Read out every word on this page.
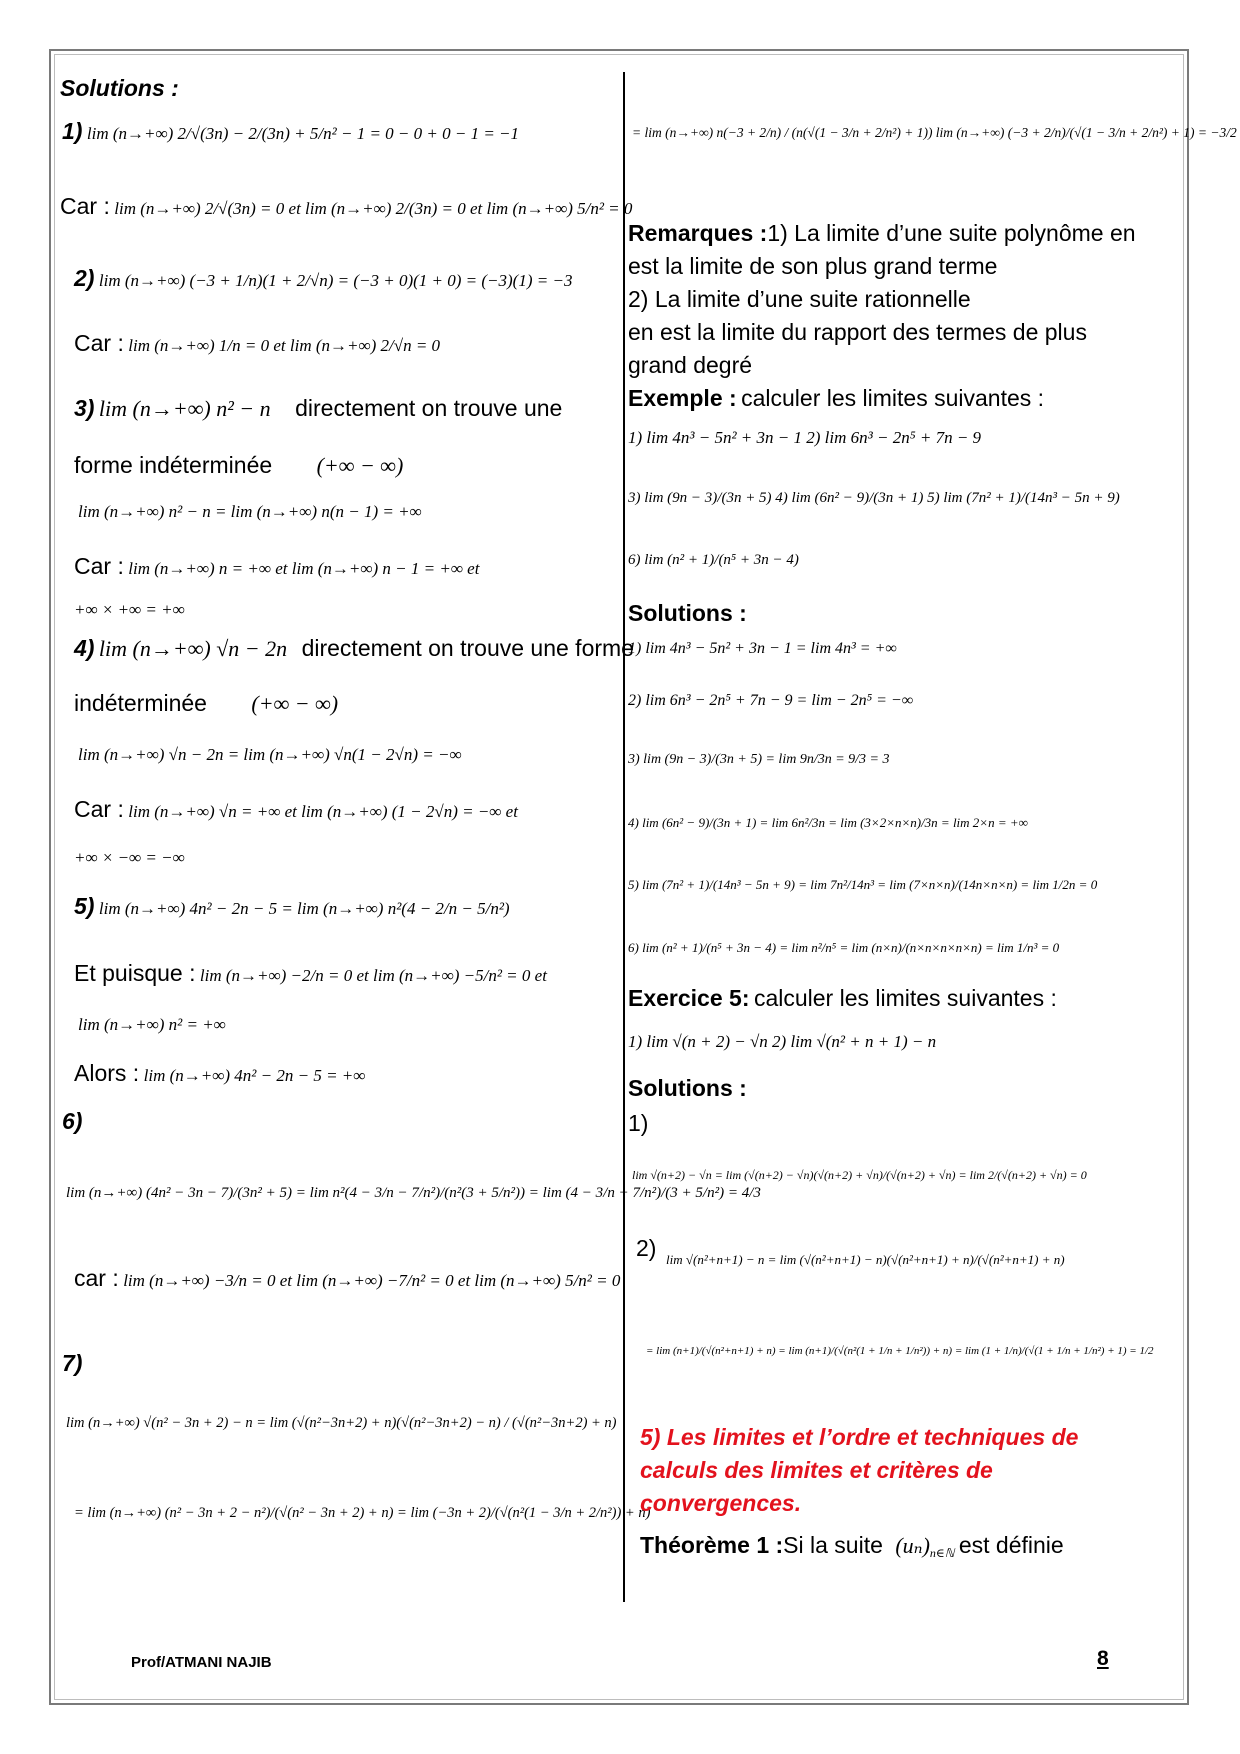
Solutions :
1) lim (n→+∞) 2/√(3n) − 2/(3n) + 5/n² − 1 = 0 − 0 + 0 − 1 = −1
Car : lim (n→+∞) 2/√(3n) = 0 et lim (n→+∞) 2/(3n) = 0 et lim (n→+∞) 5/n² = 0
2) lim (n→+∞) (−3 + 1/n)(1 + 2/√n) = (−3 + 0)(1 + 0) = (−3)(1) = −3
Car : lim (n→+∞) 1/n = 0 et lim (n→+∞) 2/√n = 0
3) lim (n→+∞) n² − n directement on trouve une
forme indéterminée (+∞ − ∞)
lim (n→+∞) n² − n = lim (n→+∞) n(n − 1) = +∞
Car : lim (n→+∞) n = +∞ et lim (n→+∞) n − 1 = +∞ et
+∞ × +∞ = +∞
4) lim (n→+∞) √n − 2n directement on trouve une forme
indéterminée (+∞ − ∞)
lim (n→+∞) √n − 2n = lim (n→+∞) √n(1 − 2√n) = −∞
Car : lim (n→+∞) √n = +∞ et lim (n→+∞) (1 − 2√n) = −∞ et
+∞ × −∞ = −∞
5) lim (n→+∞) 4n² − 2n − 5 = lim (n→+∞) n²(4 − 2/n − 5/n²)
Et puisque : lim (n→+∞) −2/n = 0 et lim (n→+∞) −5/n² = 0 et
lim (n→+∞) n² = +∞
Alors : lim (n→+∞) 4n² − 2n − 5 = +∞
6)
lim (n→+∞) (4n² − 3n − 7)/(3n² + 5) = lim n²(4 − 3/n − 7/n²)/(n²(3 + 5/n²)) = lim (4 − 3/n − 7/n²)/(3 + 5/n²) = 4/3
car : lim (n→+∞) −3/n = 0 et lim (n→+∞) −7/n² = 0 et lim (n→+∞) 5/n² = 0
7)
lim (n→+∞) √(n² − 3n + 2) − n = lim (√(n²−3n+2) + n)(√(n²−3n+2) − n) / (√(n²−3n+2) + n)
= lim (n→+∞) (n² − 3n + 2 − n²)/(√(n² − 3n + 2) + n) = lim (−3n + 2)/(√(n²(1 − 3/n + 2/n²)) + n)
= lim (n→+∞) n(−3 + 2/n) / (n(√(1 − 3/n + 2/n²) + 1)) lim (n→+∞) (−3 + 2/n)/(√(1 − 3/n + 2/n²) + 1) = −3/2
Remarques :1) La limite d’une suite polynôme en
est la limite de son plus grand terme
2) La limite d’une suite rationnelle
en est la limite du rapport des termes de plus
grand degré
Exemple : calculer les limites suivantes :
1) lim 4n³ − 5n² + 3n − 1 2) lim 6n³ − 2n⁵ + 7n − 9
3) lim (9n − 3)/(3n + 5) 4) lim (6n² − 9)/(3n + 1) 5) lim (7n² + 1)/(14n³ − 5n + 9)
6) lim (n² + 1)/(n⁵ + 3n − 4)
Solutions :
1) lim 4n³ − 5n² + 3n − 1 = lim 4n³ = +∞
2) lim 6n³ − 2n⁵ + 7n − 9 = lim − 2n⁵ = −∞
3) lim (9n − 3)/(3n + 5) = lim 9n/3n = 9/3 = 3
4) lim (6n² − 9)/(3n + 1) = lim 6n²/3n = lim (3×2×n×n)/3n = lim 2×n = +∞
5) lim (7n² + 1)/(14n³ − 5n + 9) = lim 7n²/14n³ = lim (7×n×n)/(14n×n×n) = lim 1/2n = 0
6) lim (n² + 1)/(n⁵ + 3n − 4) = lim n²/n⁵ = lim (n×n)/(n×n×n×n×n) = lim 1/n³ = 0
Exercice 5: calculer les limites suivantes :
1) lim √(n + 2) − √n 2) lim √(n² + n + 1) − n
Solutions :
1)
lim √(n+2) − √n = lim (√(n+2) − √n)(√(n+2) + √n)/(√(n+2) + √n) = lim 2/(√(n+2) + √n) = 0
2) lim √(n²+n+1) − n = lim (√(n²+n+1) − n)(√(n²+n+1) + n)/(√(n²+n+1) + n)
= lim (n+1)/(√(n²+n+1) + n) = lim (n+1)/(√(n²(1 + 1/n + 1/n²)) + n) = lim (1 + 1/n)/(√(1 + 1/n + 1/n²) + 1) = 1/2
5) Les limites et l’ordre et techniques de
calculs des limites et critères de
convergences.
Théorème 1 :Si la suite $(u_n)_{n\in ℕ}$ est définie
Prof/ATMANI NAJIB	8
